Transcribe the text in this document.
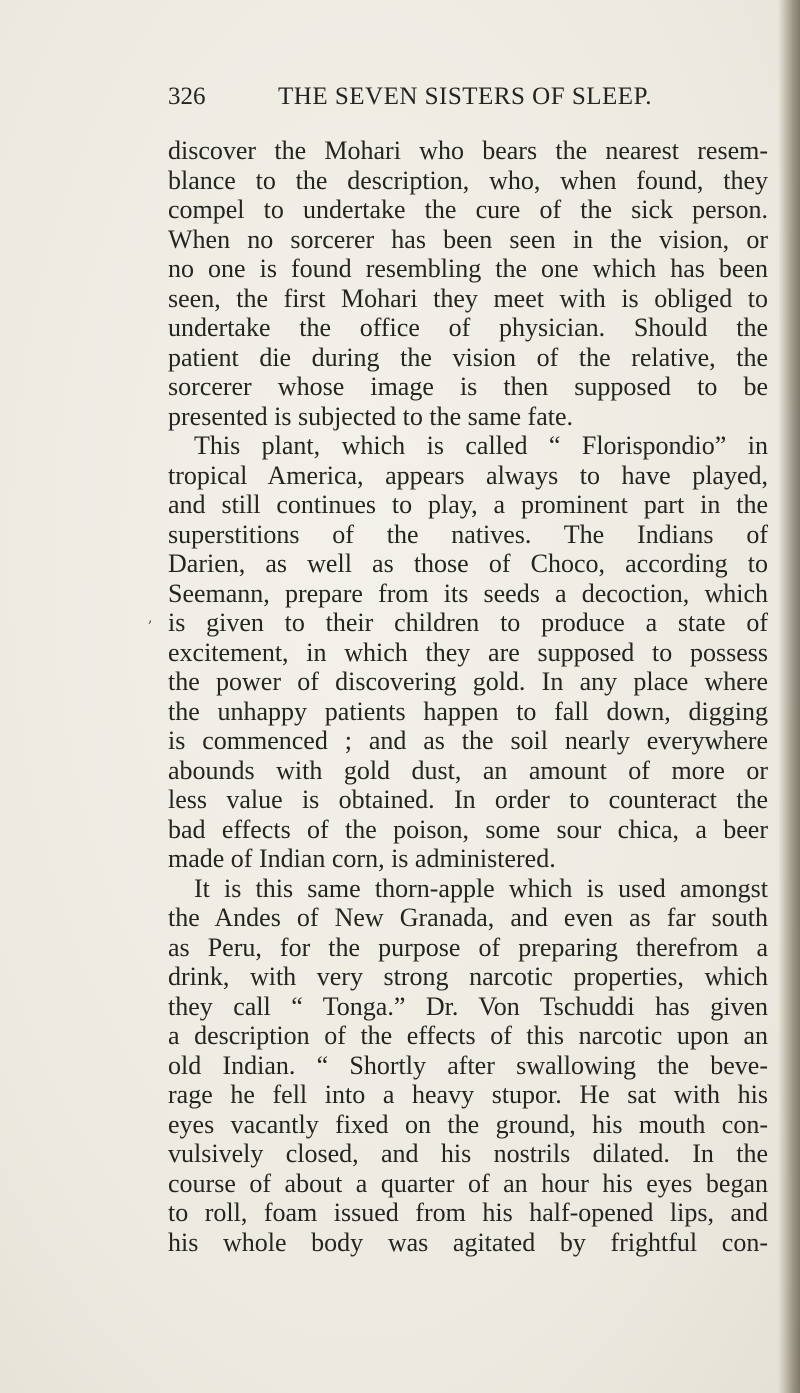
326	THE SEVEN SISTERS OF SLEEP.
,
discover the Mohari who bears the nearest resem-
blance to the description, who, when found, they
compel to undertake the cure of the sick person.
When no sorcerer has been seen in the vision, or
no one is found resembling the one which has been
seen, the first Mohari they meet with is obliged to
undertake the office of physician. Should the
patient die during the vision of the relative, the
sorcerer whose image is then supposed to be
presented is subjected to the same fate.
This plant, which is called “ Florispondio” in
tropical America, appears always to have played,
and still continues to play, a prominent part in the
superstitions of the natives. The Indians of
Darien, as well as those of Choco, according to
Seemann, prepare from its seeds a decoction, which
is given to their children to produce a state of
excitement, in which they are supposed to possess
the power of discovering gold. In any place where
the unhappy patients happen to fall down, digging
is commenced ; and as the soil nearly everywhere
abounds with gold dust, an amount of more or
less value is obtained. In order to counteract the
bad effects of the poison, some sour chica, a beer
made of Indian corn, is administered.
It is this same thorn-apple which is used amongst
the Andes of New Granada, and even as far south
as Peru, for the purpose of preparing therefrom a
drink, with very strong narcotic properties, which
they call “ Tonga.” Dr. Von Tschuddi has given
a description of the effects of this narcotic upon an
old Indian. “ Shortly after swallowing the beve-
rage he fell into a heavy stupor. He sat with his
eyes vacantly fixed on the ground, his mouth con-
vulsively closed, and his nostrils dilated. In the
course of about a quarter of an hour his eyes began
to roll, foam issued from his half-opened lips, and
his whole body was agitated by frightful con-
